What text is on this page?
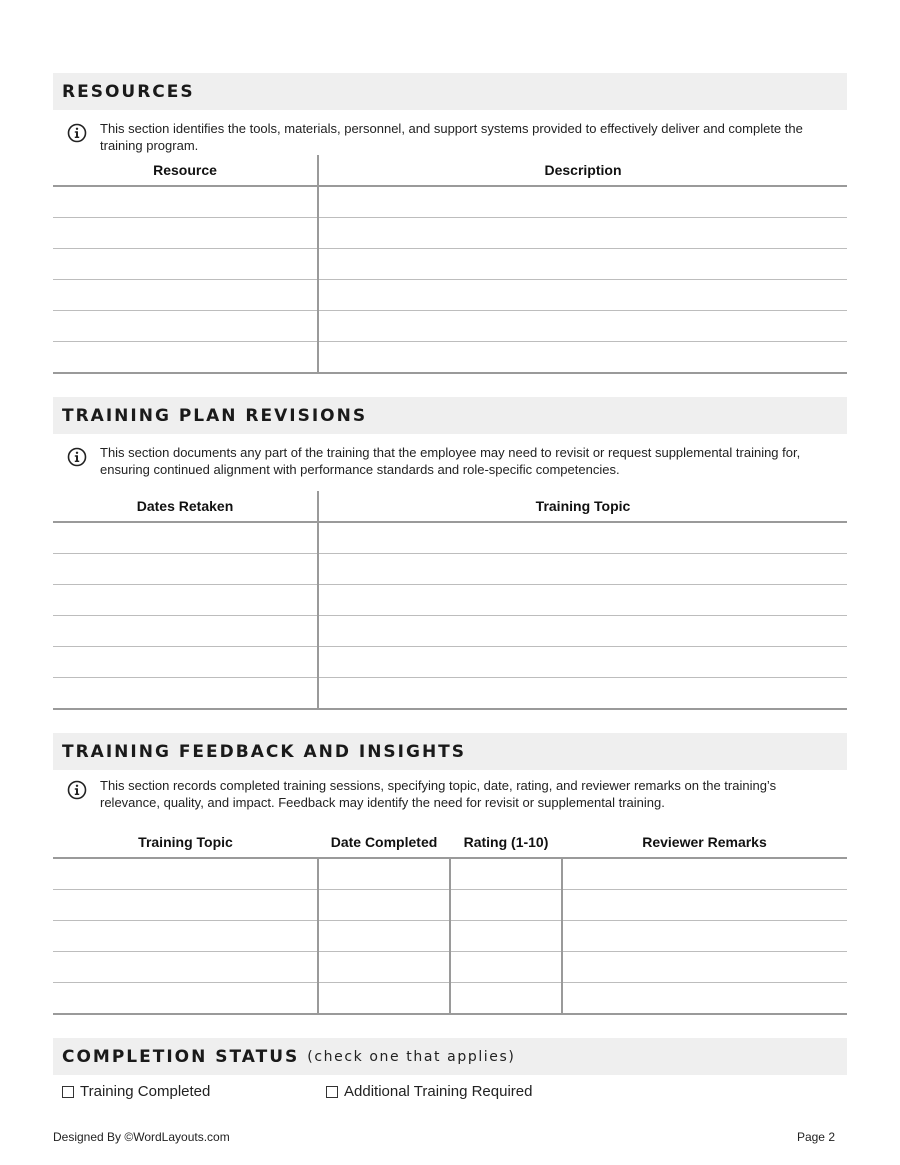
RESOURCES
This section identifies the tools, materials, personnel, and support systems provided to effectively deliver and complete the training program.
Resource	Description

TRAINING PLAN REVISIONS
This section documents any part of the training that the employee may need to revisit or request supplemental training for, ensuring continued alignment with performance standards and role-specific competencies.
Dates Retaken	Training Topic

TRAINING FEEDBACK AND INSIGHTS
This section records completed training sessions, specifying topic, date, rating, and reviewer remarks on the training’s relevance, quality, and impact. Feedback may identify the need for revisit or supplemental training.
Training Topic	Date Completed	Rating (1-10)	Reviewer Remarks

COMPLETION STATUS (check one that applies)
Training Completed	Additional Training Required
Designed By ©WordLayouts.com	Page 2
